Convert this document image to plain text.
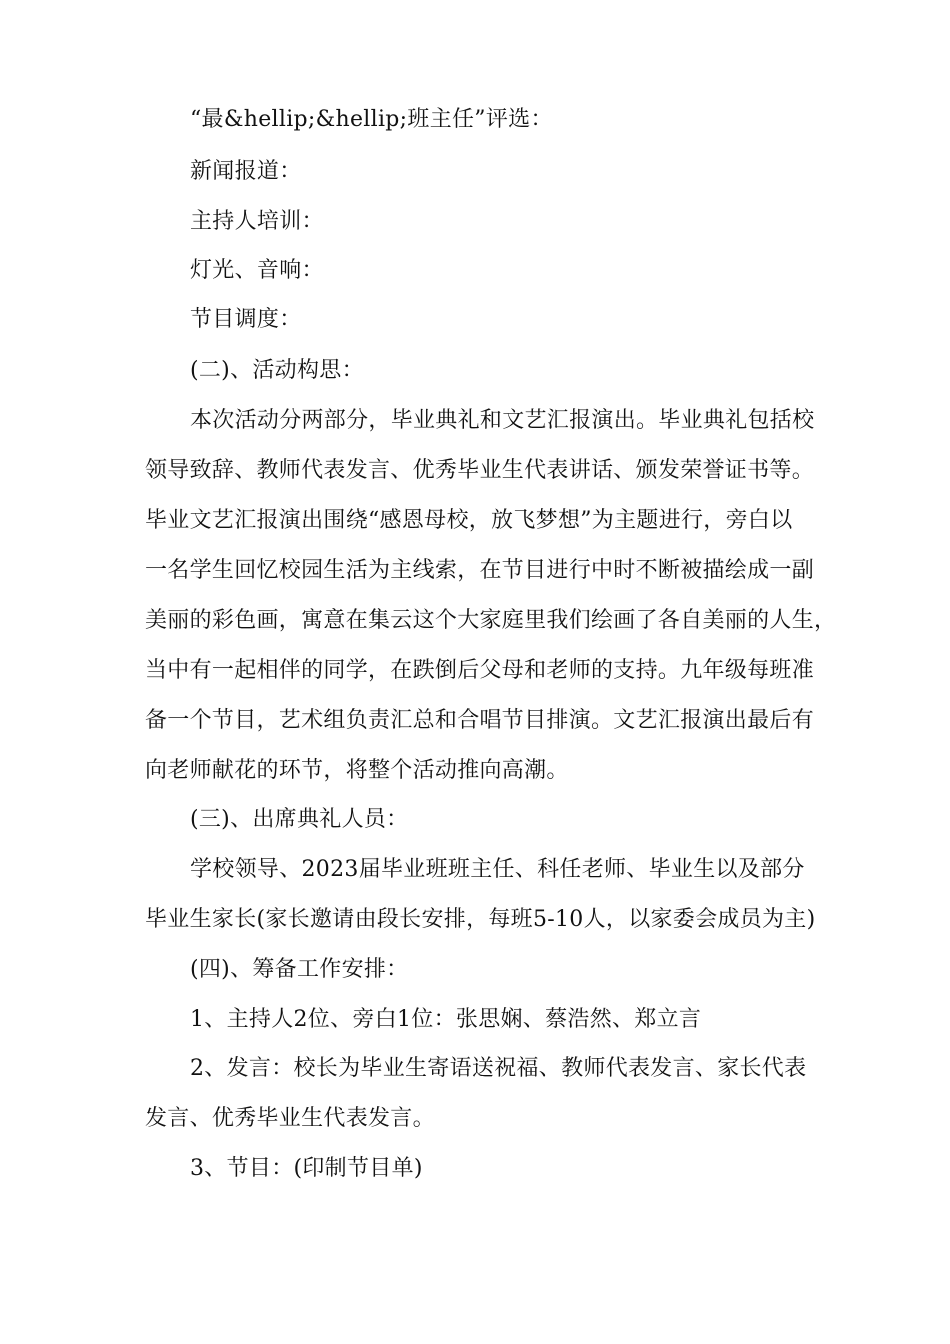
“最&hellip;&hellip;班主任”评选：
新闻报道：
主持人培训：
灯光、音响：
节目调度：
(二)、活动构思：
本次活动分两部分，毕业典礼和文艺汇报演出。毕业典礼包括校
领导致辞、教师代表发言、优秀毕业生代表讲话、颁发荣誉证书等。
毕业文艺汇报演出围绕“感恩母校，放飞梦想”为主题进行，旁白以
一名学生回忆校园生活为主线索，在节目进行中时不断被描绘成一副
美丽的彩色画，寓意在集云这个大家庭里我们绘画了各自美丽的人生，
当中有一起相伴的同学，在跌倒后父母和老师的支持。九年级每班准
备一个节目，艺术组负责汇总和合唱节目排演。文艺汇报演出最后有
向老师献花的环节，将整个活动推向高潮。
(三)、出席典礼人员：
学校领导、2023届毕业班班主任、科任老师、毕业生以及部分
毕业生家长(家长邀请由段长安排，每班5-10人，以家委会成员为主)
(四)、筹备工作安排：
1、主持人2位、旁白1位：张思娴、蔡浩然、郑立言
2、发言：校长为毕业生寄语送祝福、教师代表发言、家长代表
发言、优秀毕业生代表发言。
3、节目：(印制节目单)
